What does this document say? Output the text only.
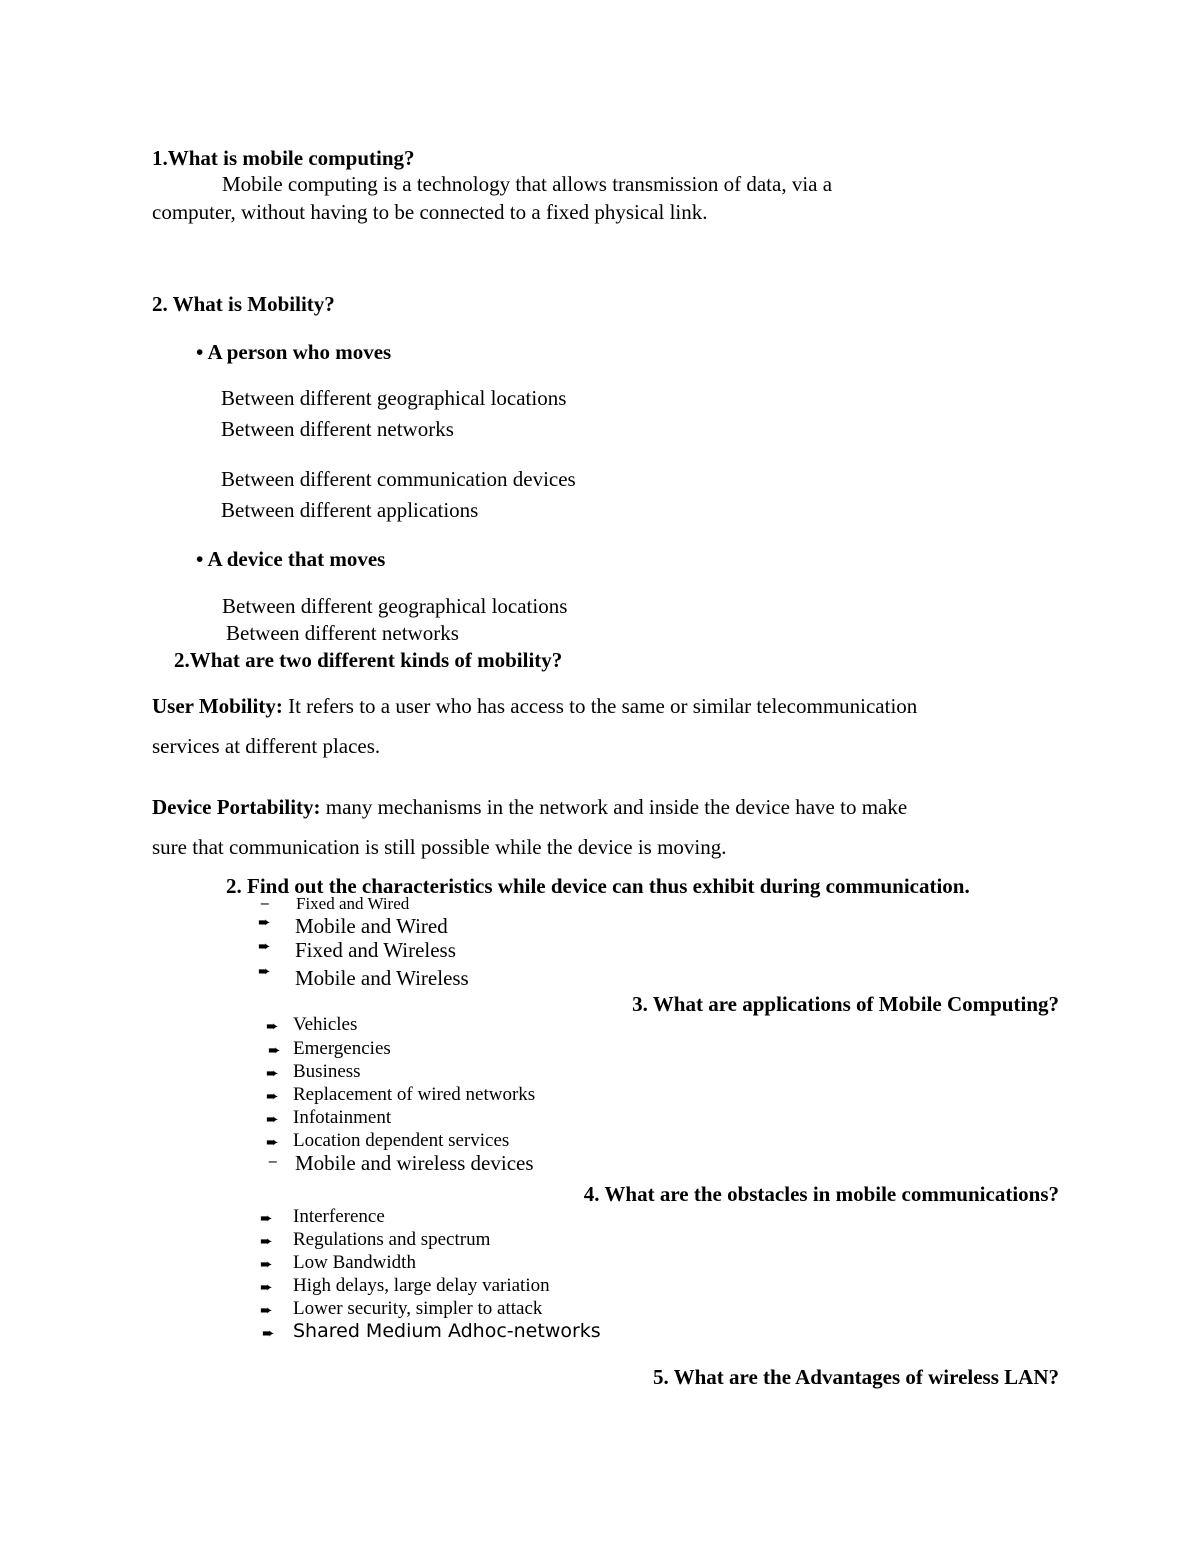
1.What is mobile computing?
Mobile computing is a technology that allows transmission of data, via a
computer, without having to be connected to a fixed physical link.
2. What is Mobility?
• A person who moves
Between different geographical locations
Between different networks
Between different communication devices
Between different applications
• A device that moves
Between different geographical locations
Between different networks
2.What are two different kinds of mobility?
User Mobility: It refers to a user who has access to the same or similar telecommunication
services at different places.
Device Portability: many mechanisms in the network and inside the device have to make
sure that communication is still possible while the device is moving.
2. Find out the characteristics while device can thus exhibit during communication.
‒ Fixed and Wired
➨ Mobile and Wired
➨ Fixed and Wireless
➨ Mobile and Wireless
3. What are applications of Mobile Computing?
➨ Vehicles
➨ Emergencies
➨ Business
➨ Replacement of wired networks
➨ Infotainment
➨ Location dependent services
‒ Mobile and wireless devices
4. What are the obstacles in mobile communications?
➨ Interference
➨ Regulations and spectrum
➨ Low Bandwidth
➨ High delays, large delay variation
➨ Lower security, simpler to attack
➨ Shared Medium Adhoc-networks
5. What are the Advantages of wireless LAN?
